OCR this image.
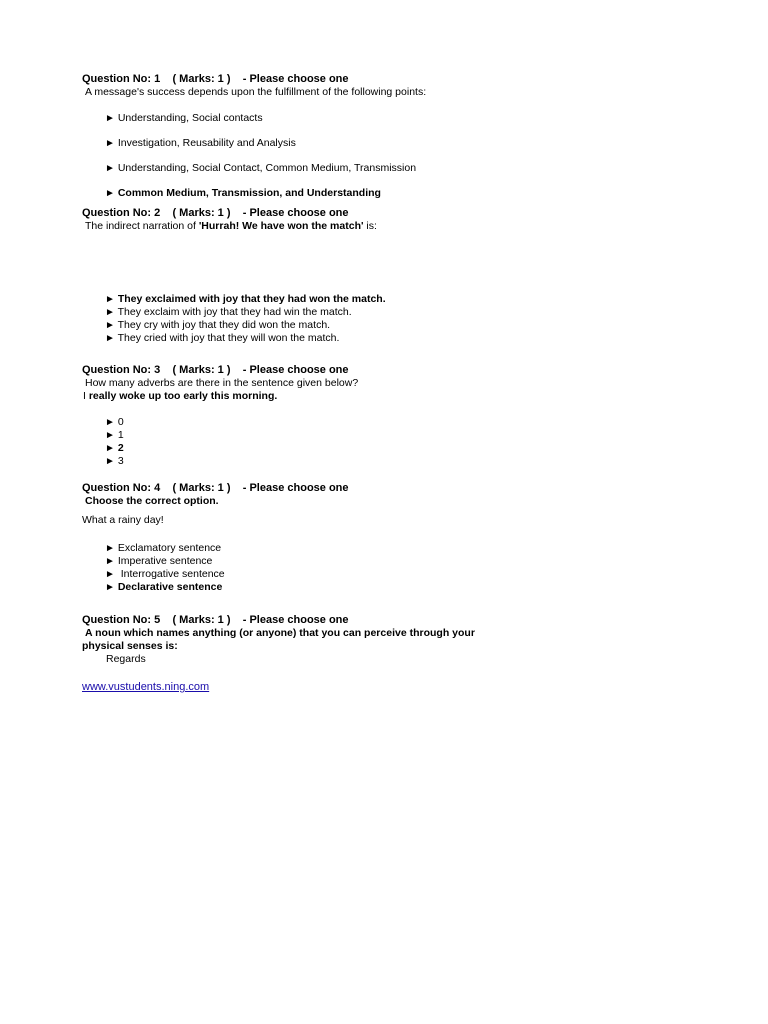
Question No: 1    ( Marks: 1 )    - Please choose one
A message's success depends upon the fulfillment of the following points:
► Understanding, Social contacts
► Investigation, Reusability and Analysis
► Understanding, Social Contact, Common Medium, Transmission
► Common Medium, Transmission, and Understanding
Question No: 2    ( Marks: 1 )    - Please choose one
The indirect narration of 'Hurrah! We have won the match' is:
► They exclaimed with joy that they had won the match.
► They exclaim with joy that they had win the match.
► They cry with joy that they did won the match.
► They cried with joy that they will won the match.
Question No: 3    ( Marks: 1 )    - Please choose one
How many adverbs are there in the sentence given below?
I really woke up too early this morning.
► 0
► 1
► 2
► 3
Question No: 4    ( Marks: 1 )    - Please choose one
Choose the correct option.
What a rainy day!
► Exclamatory sentence
► Imperative sentence
►  Interrogative sentence
► Declarative sentence
Question No: 5    ( Marks: 1 )    - Please choose one
A noun which names anything (or anyone) that you can perceive through your
physical senses is:
Regards
www.vustudents.ning.com
